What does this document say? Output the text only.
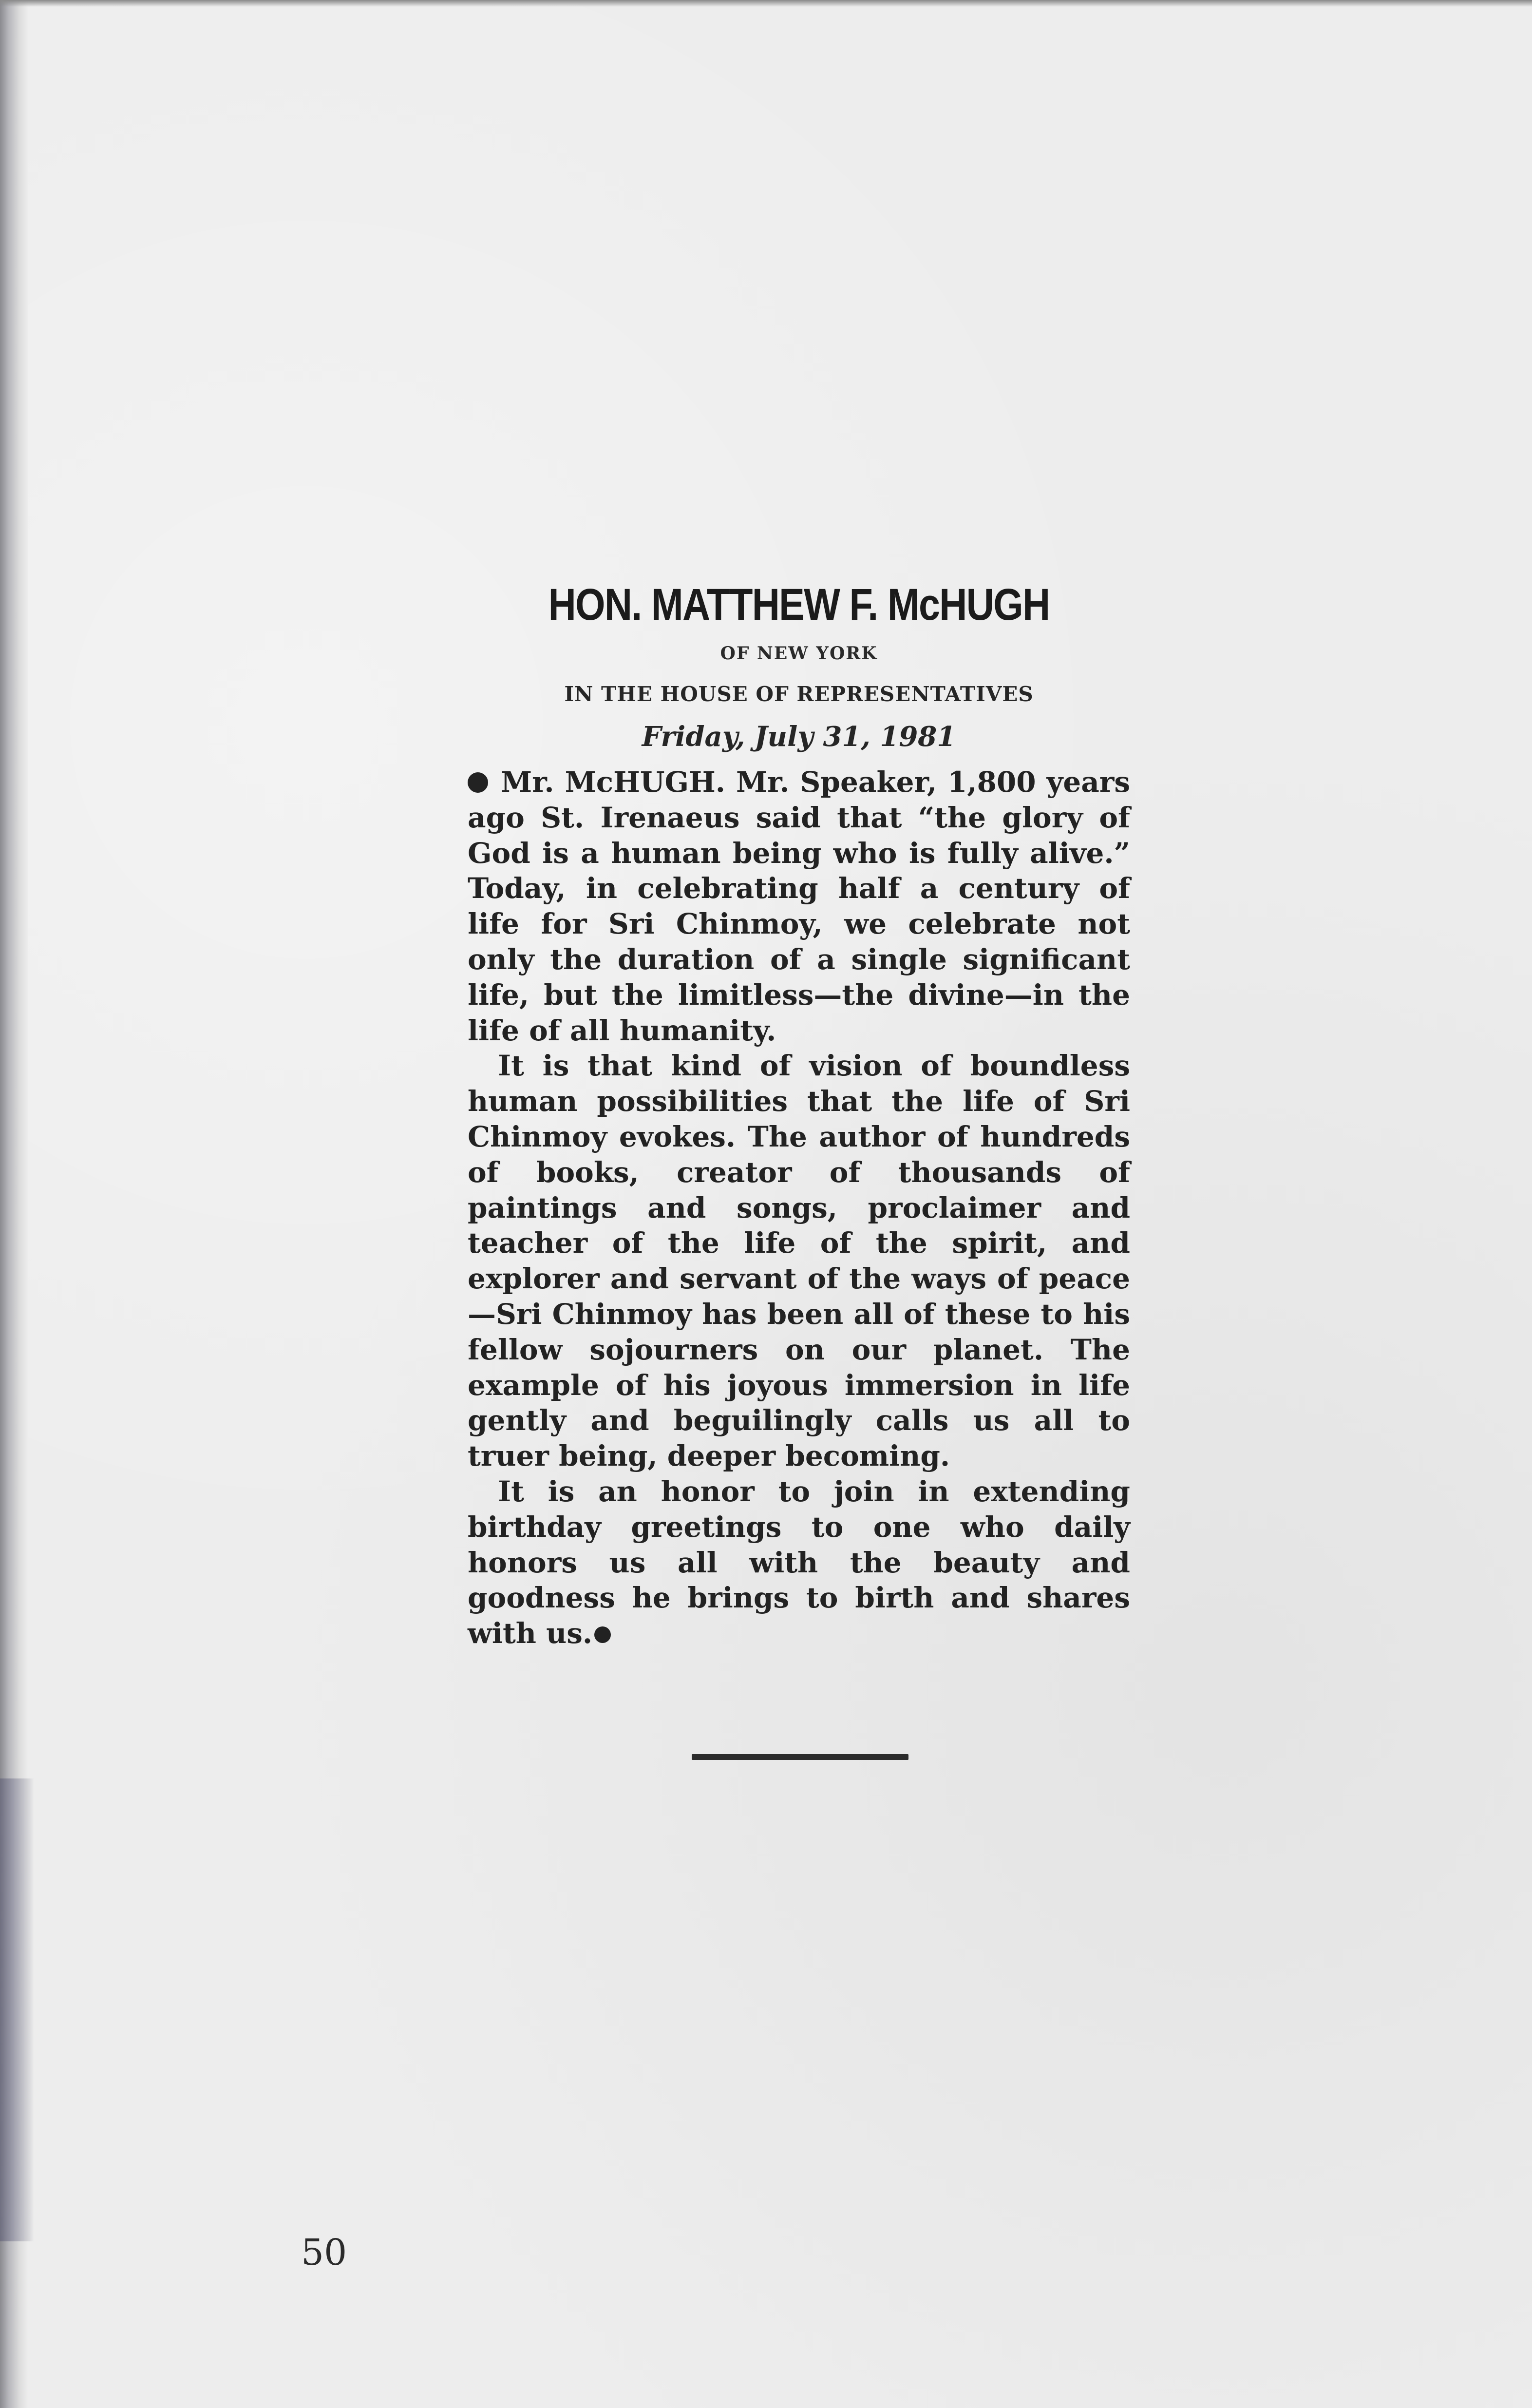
HON. MATTHEW F. McHUGH
OF NEW YORK
IN THE HOUSE OF REPRESENTATIVES
Friday, July 31, 1981

Mr. McHUGH. Mr. Speaker, 1,800 years ago St. Irenaeus said that “the glory of God is a human being who is fully alive.” Today, in celebrating half a century of life for Sri Chinmoy, we celebrate not only the duration of a single significant life, but the limitless—the divine—in the life of all humanity.

It is that kind of vision of boundless human possibilities that the life of Sri Chinmoy evokes. The author of hundreds of books, creator of thousands of paintings and songs, proclaimer and teacher of the life of the spirit, and explorer and servant of the ways of peace—Sri Chinmoy has been all of these to his fellow sojourners on our planet. The example of his joyous immersion in life gently and beguilingly calls us all to truer being, deeper becoming.

It is an honor to join in extending birthday greetings to one who daily honors us all with the beauty and goodness he brings to birth and shares with us.

50
